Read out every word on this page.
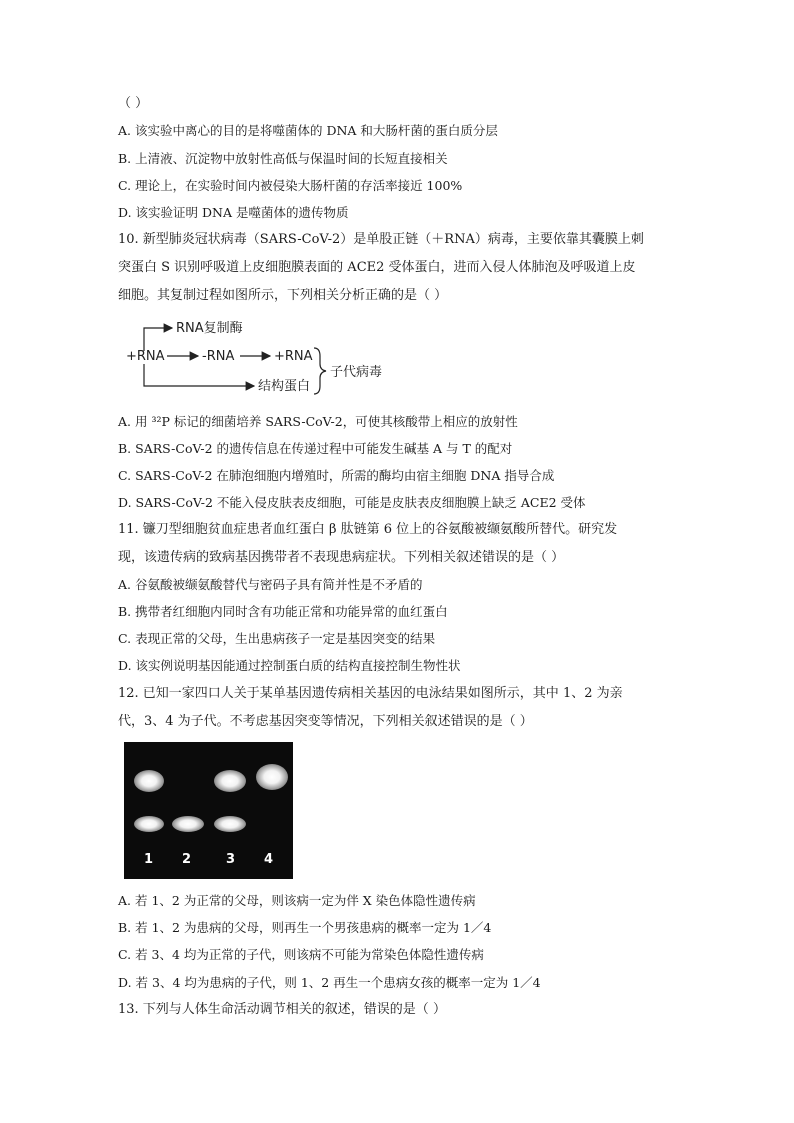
（ ）
A. 该实验中离心的目的是将噬菌体的 DNA 和大肠杆菌的蛋白质分层
B. 上清液、沉淀物中放射性高低与保温时间的长短直接相关
C. 理论上，在实验时间内被侵染大肠杆菌的存活率接近 100%
D. 该实验证明 DNA 是噬菌体的遗传物质
10. 新型肺炎冠状病毒（SARS-CoV-2）是单股正链（＋RNA）病毒，主要依靠其囊膜上刺
突蛋白 S 识别呼吸道上皮细胞膜表面的 ACE2 受体蛋白，进而入侵人体肺泡及呼吸道上皮
细胞。其复制过程如图所示，下列相关分析正确的是（ ）
RNA复制酶
+RNA	-RNA	+RNA
结构蛋白
子代病毒
A. 用 ³²P 标记的细菌培养 SARS-CoV-2，可使其核酸带上相应的放射性
B. SARS-CoV-2 的遗传信息在传递过程中可能发生碱基 A 与 T 的配对
C. SARS-CoV-2 在肺泡细胞内增殖时，所需的酶均由宿主细胞 DNA 指导合成
D. SARS-CoV-2 不能入侵皮肤表皮细胞，可能是皮肤表皮细胞膜上缺乏 ACE2 受体
11. 镰刀型细胞贫血症患者血红蛋白 β 肽链第 6 位上的谷氨酸被缬氨酸所替代。研究发
现，该遗传病的致病基因携带者不表现患病症状。下列相关叙述错误的是（ ）
A. 谷氨酸被缬氨酸替代与密码子具有简并性是不矛盾的
B. 携带者红细胞内同时含有功能正常和功能异常的血红蛋白
C. 表现正常的父母，生出患病孩子一定是基因突变的结果
D. 该实例说明基因能通过控制蛋白质的结构直接控制生物性状
12. 已知一家四口人关于某单基因遗传病相关基因的电泳结果如图所示，其中 1、2 为亲
代，3、4 为子代。不考虑基因突变等情况，下列相关叙述错误的是（ ）
1 2	3 4
A. 若 1、2 为正常的父母，则该病一定为伴 X 染色体隐性遗传病
B. 若 1、2 为患病的父母，则再生一个男孩患病的概率一定为 1／4
C. 若 3、4 均为正常的子代，则该病不可能为常染色体隐性遗传病
D. 若 3、4 均为患病的子代，则 1、2 再生一个患病女孩的概率一定为 1／4
13. 下列与人体生命活动调节相关的叙述，错误的是（ ）
